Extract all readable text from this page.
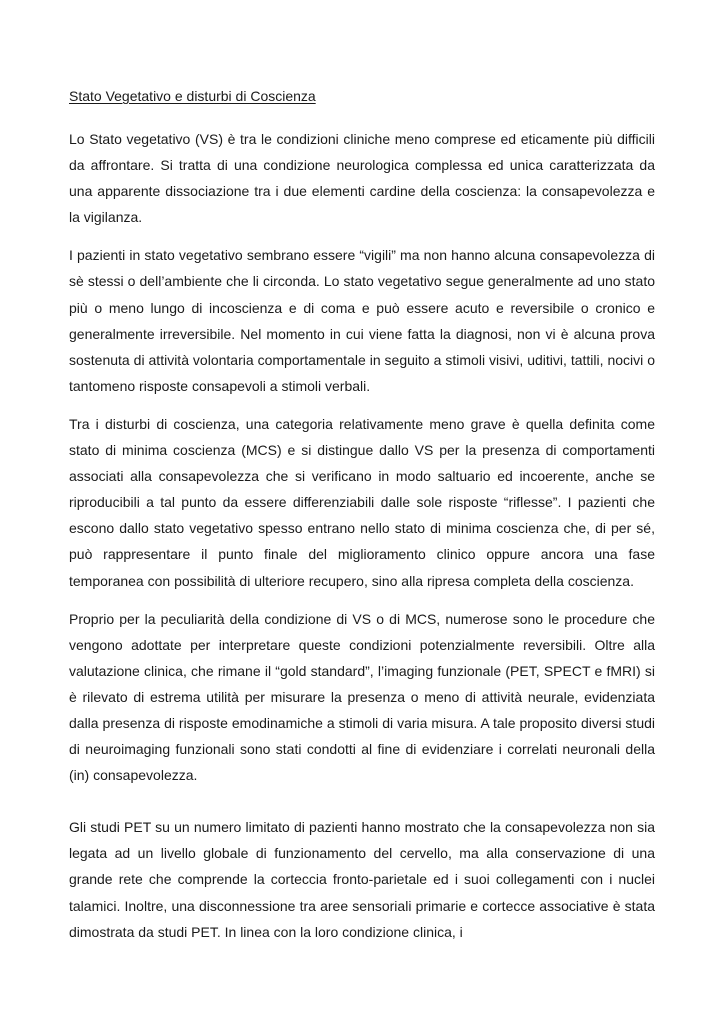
Stato Vegetativo e disturbi di Coscienza

Lo Stato vegetativo (VS) è tra le condizioni cliniche meno comprese ed eticamente più difficili da affrontare. Si tratta di una condizione neurologica complessa ed unica caratterizzata da una apparente dissociazione tra i due elementi cardine della coscienza: la consapevolezza e la vigilanza.

I pazienti in stato vegetativo sembrano essere “vigili” ma non hanno alcuna consapevolezza di sè stessi o dell’ambiente che li circonda. Lo stato vegetativo segue generalmente ad uno stato più o meno lungo di incoscienza e di coma e può essere acuto e reversibile o cronico e generalmente irreversibile. Nel momento in cui viene fatta la diagnosi, non vi è alcuna prova sostenuta di attività volontaria comportamentale in seguito a stimoli visivi, uditivi, tattili, nocivi o tantomeno risposte consapevoli a stimoli verbali.

Tra i disturbi di coscienza, una categoria relativamente meno grave è quella definita come stato di minima coscienza (MCS) e si distingue dallo VS per la presenza di comportamenti associati alla consapevolezza che si verificano in modo saltuario ed incoerente, anche se riproducibili a tal punto da essere differenziabili dalle sole risposte “riflesse”. I pazienti che escono dallo stato vegetativo spesso entrano nello stato di minima coscienza che, di per sé, può rappresentare il punto finale del miglioramento clinico oppure ancora una fase temporanea con possibilità di ulteriore recupero, sino alla ripresa completa della coscienza.

Proprio per la peculiarità della condizione di VS o di MCS, numerose sono le procedure che vengono adottate per interpretare queste condizioni potenzialmente reversibili. Oltre alla valutazione clinica, che rimane il “gold standard”, l’imaging funzionale (PET, SPECT e fMRI) si è rilevato di estrema utilità per misurare la presenza o meno di attività neurale, evidenziata dalla presenza di risposte emodinamiche a stimoli di varia misura. A tale proposito diversi studi di neuroimaging funzionali sono stati condotti al fine di evidenziare i correlati neuronali della (in) consapevolezza.

Gli studi PET su un numero limitato di pazienti hanno mostrato che la consapevolezza non sia legata ad un livello globale di funzionamento del cervello, ma alla conservazione di una grande rete che comprende la corteccia fronto-parietale ed i suoi collegamenti con i nuclei talamici. Inoltre, una disconnessione tra aree sensoriali primarie e cortecce associative è stata dimostrata da studi PET. In linea con la loro condizione clinica, i
